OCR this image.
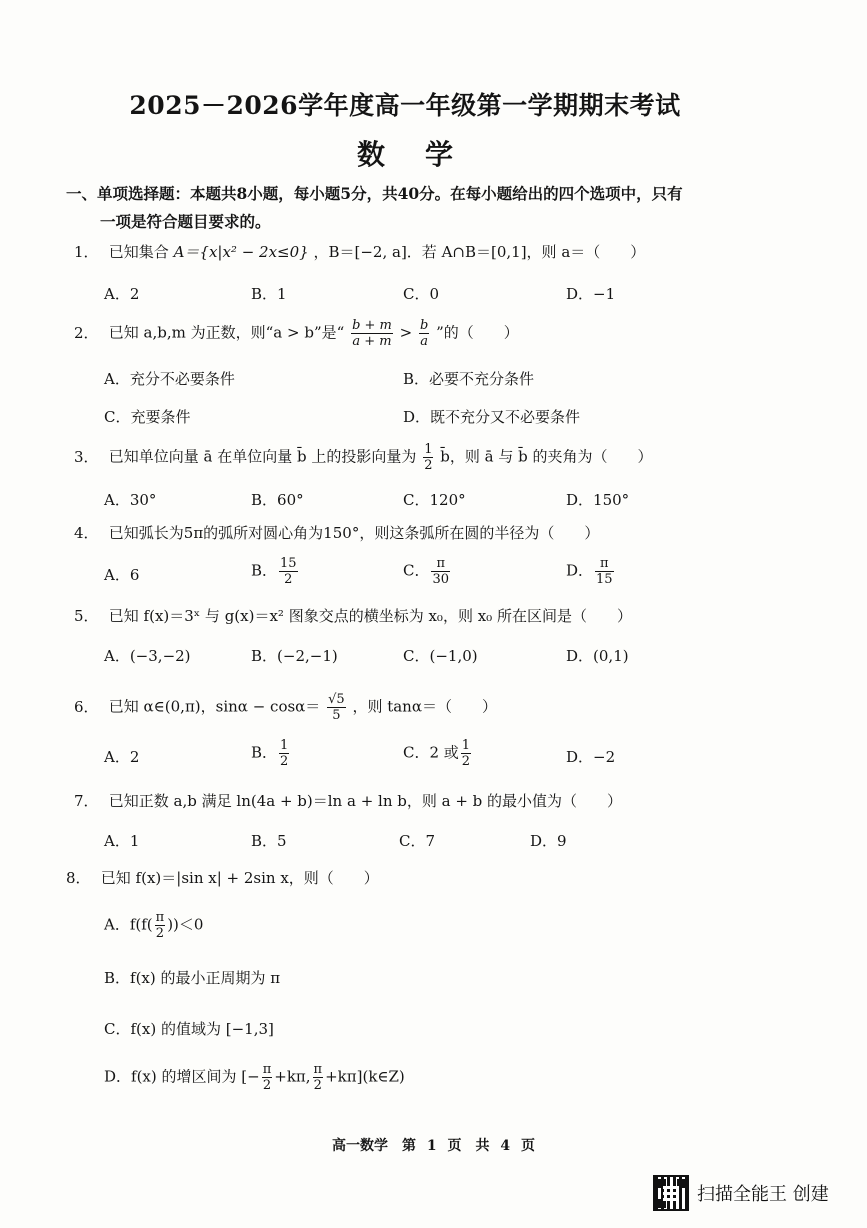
2025－2026学年度高一年级第一学期期末考试
数学
一、单项选择题：本题共8小题，每小题5分，共40分。在每小题给出的四个选项中，只有
一项是符合题目要求的。
1． 已知集合 A＝{x|x² − 2x≤0} ，B＝[−2, a]．若 A∩B＝[0,1]，则 a＝（　　）
A．2	B．1	C．0	D．−1
2． 已知 a,b,m 为正数，则“a > b”是“ $\frac{b + m}{a + m} > \frac{b}{a}$ ”的（　　）
A．充分不必要条件	B．必要不充分条件
C．充要条件	D．既不充分又不必要条件
3． 已知单位向量 ā 在单位向量 b̄ 上的投影向量为 $\frac{1}{2}$ b̄，则 ā 与 b̄ 的夹角为（　　）
A．30°	B．60°	C．120°	D．150°
4． 已知弧长为5π的弧所对圆心角为150°，则这条弧所在圆的半径为（　　）
A．6	B． $\frac{15}{2}$	C． $\frac{\pi}{30}$	D． $\frac{\pi}{15}$
5． 已知 f(x)＝3ˣ 与 g(x)＝x² 图象交点的横坐标为 x₀，则 x₀ 所在区间是（　　）
A．(−3,−2)	B．(−2,−1)	C．(−1,0)	D．(0,1)
6． 已知 α∈(0,π)，$\sin\alpha - \cos\alpha= \frac{√5}{5}$ ，则 tanα＝（　　）
A．2	B． $\frac{1}{2}$	C．2 或 $\frac{1}{2}$	D．−2
7． 已知正数 a,b 满足 ln(4a + b)＝ln a + ln b，则 a + b 的最小值为（　　）
A．1	B．5	C．7	D．9
8． 已知 f(x)＝|sin x| + 2sin x，则（　　）
A．$f(f( \frac{\pi}{2} ))<0$
B．f(x) 的最小正周期为 π
C．f(x) 的值域为 [−1,3]
D．f(x) 的增区间为 [− $\frac{\pi}{2} +k\pi$, $\frac{\pi}{2}$ +kπ](k∈Z)
高一数学　第 1 页　共 4 页
扫描全能王 创建
